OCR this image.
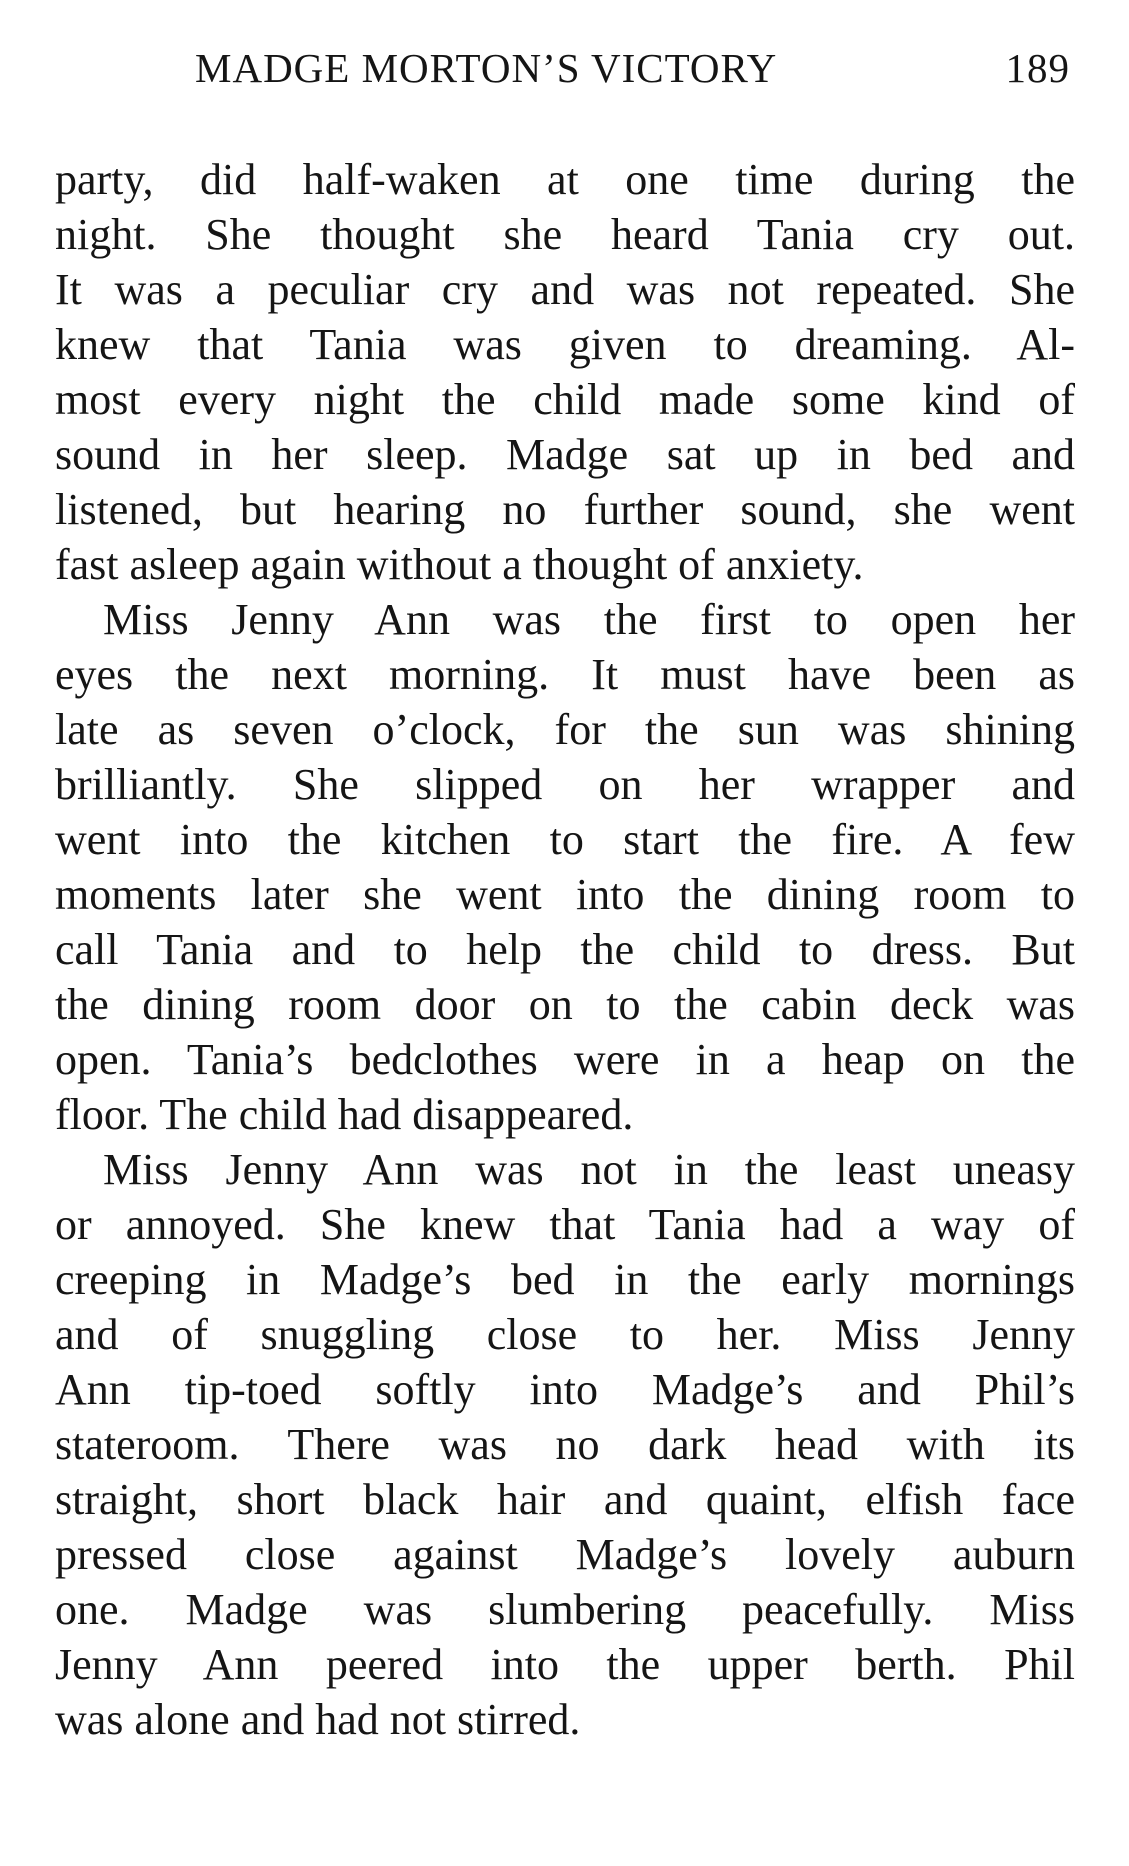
MADGE MORTON’S VICTORY	189
party, did half-waken at one time during the
night. She thought she heard Tania cry out.
It was a peculiar cry and was not repeated. She
knew that Tania was given to dreaming. Al-
most every night the child made some kind of
sound in her sleep. Madge sat up in bed and
listened, but hearing no further sound, she went
fast asleep again without a thought of anxiety.
Miss Jenny Ann was the first to open her
eyes the next morning. It must have been as
late as seven o’clock, for the sun was shining
brilliantly. She slipped on her wrapper and
went into the kitchen to start the fire. A few
moments later she went into the dining room to
call Tania and to help the child to dress. But
the dining room door on to the cabin deck was
open. Tania’s bedclothes were in a heap on the
floor. The child had disappeared.
Miss Jenny Ann was not in the least uneasy
or annoyed. She knew that Tania had a way of
creeping in Madge’s bed in the early mornings
and of snuggling close to her. Miss Jenny
Ann tip-toed softly into Madge’s and Phil’s
stateroom. There was no dark head with its
straight, short black hair and quaint, elfish face
pressed close against Madge’s lovely auburn
one. Madge was slumbering peacefully. Miss
Jenny Ann peered into the upper berth. Phil
was alone and had not stirred.
